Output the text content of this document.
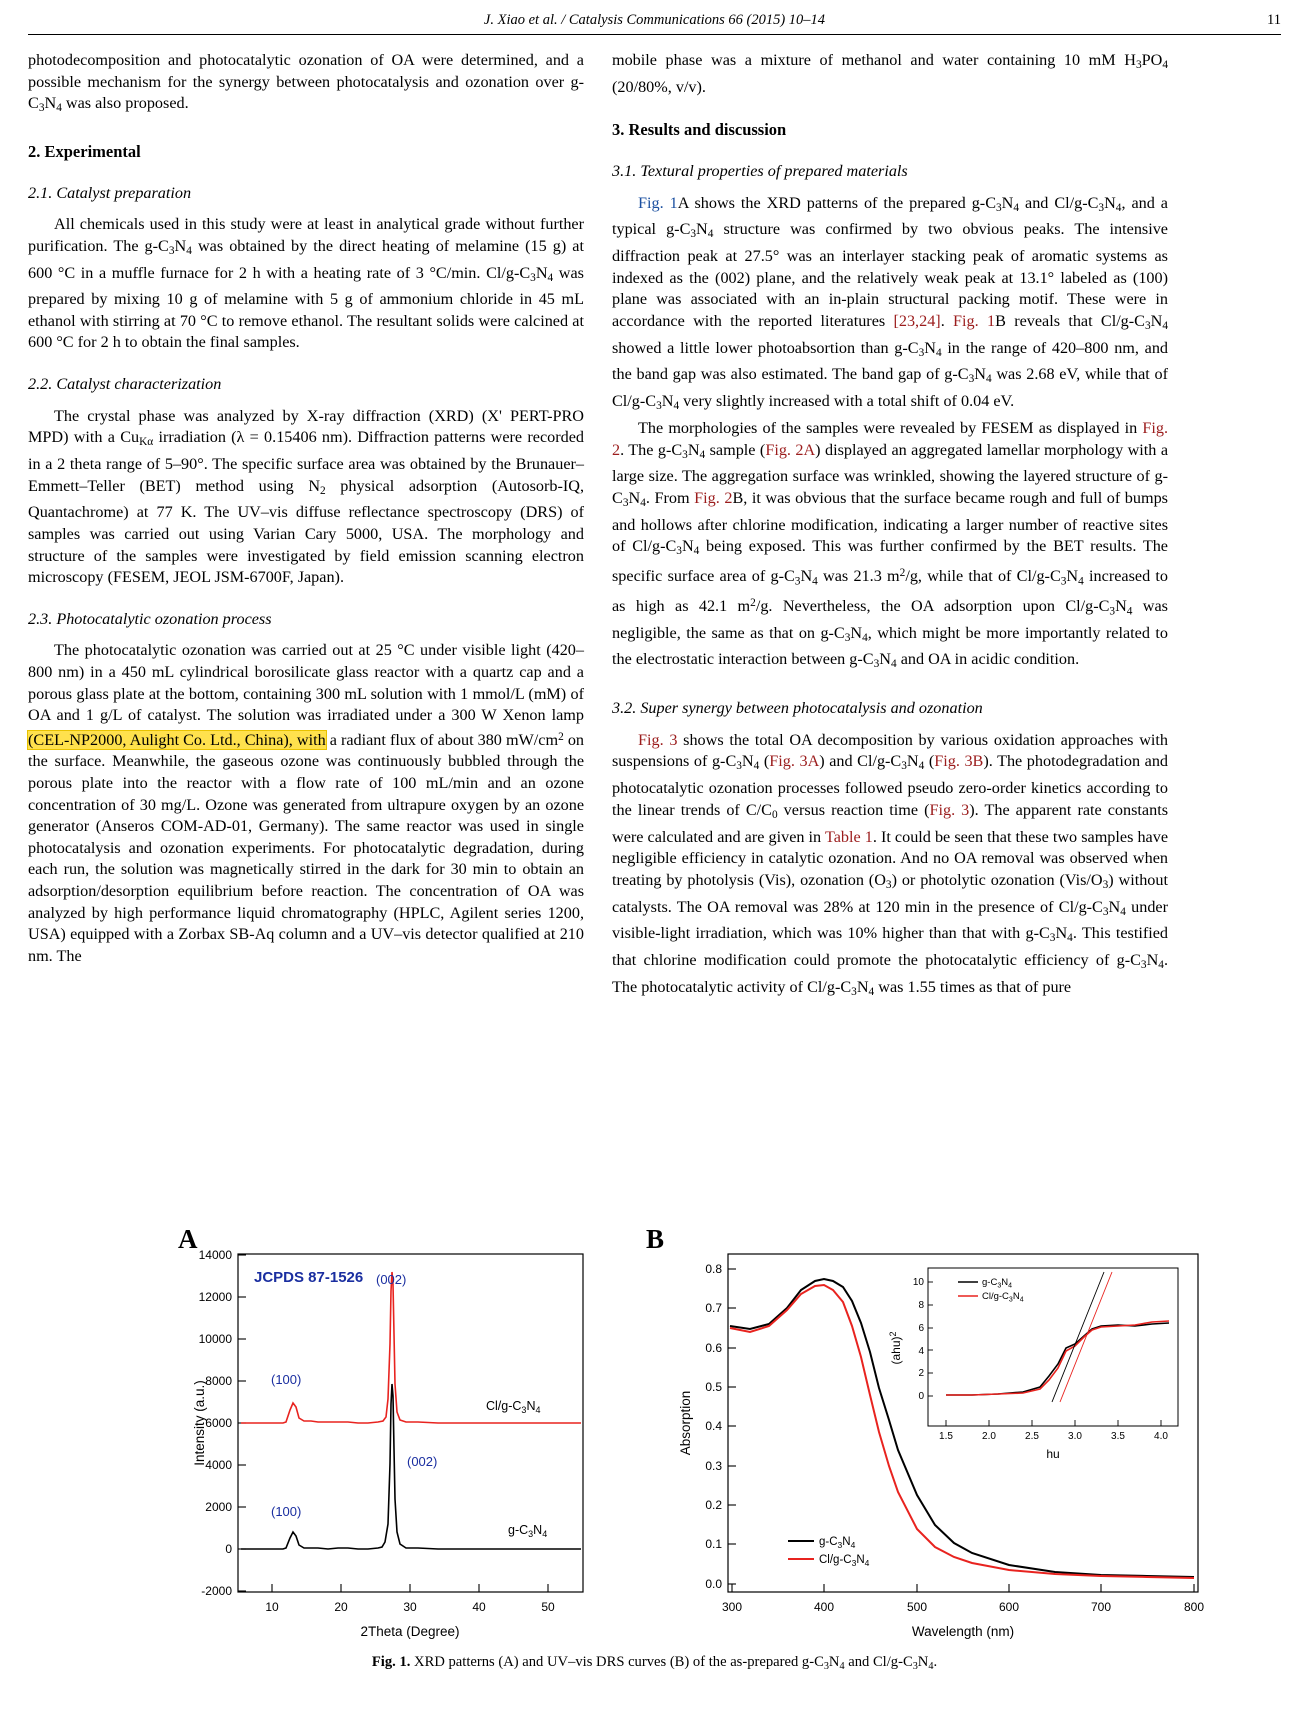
J. Xiao et al. / Catalysis Communications 66 (2015) 10–14	11

photodecomposition and photocatalytic ozonation of OA were determined, and a possible mechanism for the synergy between photocatalysis and ozonation over $g-C_3N_4$ was also proposed.

2. Experimental
2.1. Catalyst preparation

All chemicals used in this study were at least in analytical grade without further purification. The $g-C_3N_4$ was obtained by the direct heating of melamine (15 g) at 600 °C in a muffle furnace for 2 h with a heating rate of 3 °C/min. $Cl/g-C_3N_4$ was prepared by mixing 10 g of melamine with 5 g of ammonium chloride in 45 mL ethanol with stirring at 70 °C to remove ethanol. The resultant solids were calcined at 600 °C for 2 h to obtain the final samples.

2.2. Catalyst characterization

The crystal phase was analyzed by X-ray diffraction (XRD) (X' PERT-PRO MPD) with a $Cu_{K\alpha}$ irradiation (λ = 0.15406 nm). Diffraction patterns were recorded in a 2 theta range of 5–90°. The specific surface area was obtained by the Brunauer–Emmett–Teller (BET) method using $N_2$ physical adsorption (Autosorb-IQ, Quantachrome) at 77 K. The UV–vis diffuse reflectance spectroscopy (DRS) of samples was carried out using Varian Cary 5000, USA. The morphology and structure of the samples were investigated by field emission scanning electron microscopy (FESEM, JEOL JSM-6700F, Japan).

2.3. Photocatalytic ozonation process

The photocatalytic ozonation was carried out at 25 °C under visible light (420–800 nm) in a 450 mL cylindrical borosilicate glass reactor with a quartz cap and a porous glass plate at the bottom, containing 300 mL solution with 1 mmol/L (mM) of OA and 1 g/L of catalyst. The solution was irradiated under a 300 W Xenon lamp (CEL-NP2000, Aulight Co. Ltd., China), with a radiant flux of about 380 $mW/cm^2$ on the surface. Meanwhile, the gaseous ozone was continuously bubbled through the porous plate into the reactor with a flow rate of 100 mL/min and an ozone concentration of 30 mg/L. Ozone was generated from ultrapure oxygen by an ozone generator (Anseros COM-AD-01, Germany). The same reactor was used in single photocatalysis and ozonation experiments. For photocatalytic degradation, during each run, the solution was magnetically stirred in the dark for 30 min to obtain an adsorption/desorption equilibrium before reaction. The concentration of OA was analyzed by high performance liquid chromatography (HPLC, Agilent series 1200, USA) equipped with a Zorbax SB-Aq column and a UV–vis detector qualified at 210 nm. The

mobile phase was a mixture of methanol and water containing 10 mM $H_3PO_4$ (20/80%, v/v).

3. Results and discussion
3.1. Textural properties of prepared materials

Fig. 1A shows the XRD patterns of the prepared $g-C_3N_4$ and $Cl/g-C_3N_4$, and a typical $g-C_3N_4$ structure was confirmed by two obvious peaks. The intensive diffraction peak at 27.5° was an interlayer stacking peak of aromatic systems as indexed as the (002) plane, and the relatively weak peak at 13.1° labeled as (100) plane was associated with an in-plain structural packing motif. These were in accordance with the reported literatures [23,24]. Fig. 1B reveals that $Cl/g-C_3N_4$ showed a little lower photoabsortion than $g-C_3N_4$ in the range of 420–800 nm, and the band gap was also estimated. The band gap of $g-C_3N_4$ was 2.68 eV, while that of $Cl/g-C_3N_4$ very slightly increased with a total shift of 0.04 eV.

The morphologies of the samples were revealed by FESEM as displayed in Fig. 2. The $g-C_3N_4$ sample (Fig. 2A) displayed an aggregated lamellar morphology with a large size. The aggregation surface was wrinkled, showing the layered structure of $g-C_3N_4$. From Fig. 2B, it was obvious that the surface became rough and full of bumps and hollows after chlorine modification, indicating a larger number of reactive sites of $Cl/g-C_3N_4$ being exposed. This was further confirmed by the BET results. The specific surface area of $g-C_3N_4$ was 21.3 $m^2/g$, while that of $Cl/g-C_3N_4$ increased to as high as 42.1 $m^2/g$. Nevertheless, the OA adsorption upon $Cl/g-C_3N_4$ was negligible, the same as that on $g-C_3N_4$, which might be more importantly related to the electrostatic interaction between $g-C_3N_4$ and OA in acidic condition.

3.2. Super synergy between photocatalysis and ozonation

Fig. 3 shows the total OA decomposition by various oxidation approaches with suspensions of $g-C_3N_4$ (Fig. 3A) and $Cl/g-C_3N_4$ (Fig. 3B). The photodegradation and photocatalytic ozonation processes followed pseudo zero-order kinetics according to the linear trends of $C/C_0$ versus reaction time (Fig. 3). The apparent rate constants were calculated and are given in Table 1. It could be seen that these two samples have negligible efficiency in catalytic ozonation. And no OA removal was observed when treating by photolysis (Vis), ozonation $(O_3)$ or photolytic ozonation $(Vis/O_3)$ without catalysts. The OA removal was 28% at 120 min in the presence of $Cl/g-C_3N_4$ under visible-light irradiation, which was 10% higher than that with $g-C_3N_4$. This testified that chlorine modification could promote the photocatalytic efficiency of $g-C_3N_4$. The photocatalytic activity of $Cl/g-C_3N_4$ was 1.55 times as that of pure

A	B
14000
12000
10000
8000
6000
4000
2000
0
-2000
10	20	30	40	50
2Theta (Degree)
Intensity (a.u.)
JCPDS 87-1526 (002)
(100)
(002)
(100)
$Cl/g-C_3N_4$
$g-C_3N_4$
0.8
0.7
0.6
0.5
0.4
0.3
0.2
0.1
0.0
300	400	500	600	700	800
Wavelength (nm)
Absorption
$g-C_3N_4$
$Cl/g-C_3N_4$
10
8
6
4
2
0
1.5	2.0	2.5	3.0	3.5	4.0
hu
(ahu)$^2$
$g-C_3N_4$
$Cl/g-C_3N_4$
Fig. 1. XRD patterns (A) and UV–vis DRS curves (B) of the as-prepared $g-C_3N_4$ and $Cl/g-C_3N_4$.
